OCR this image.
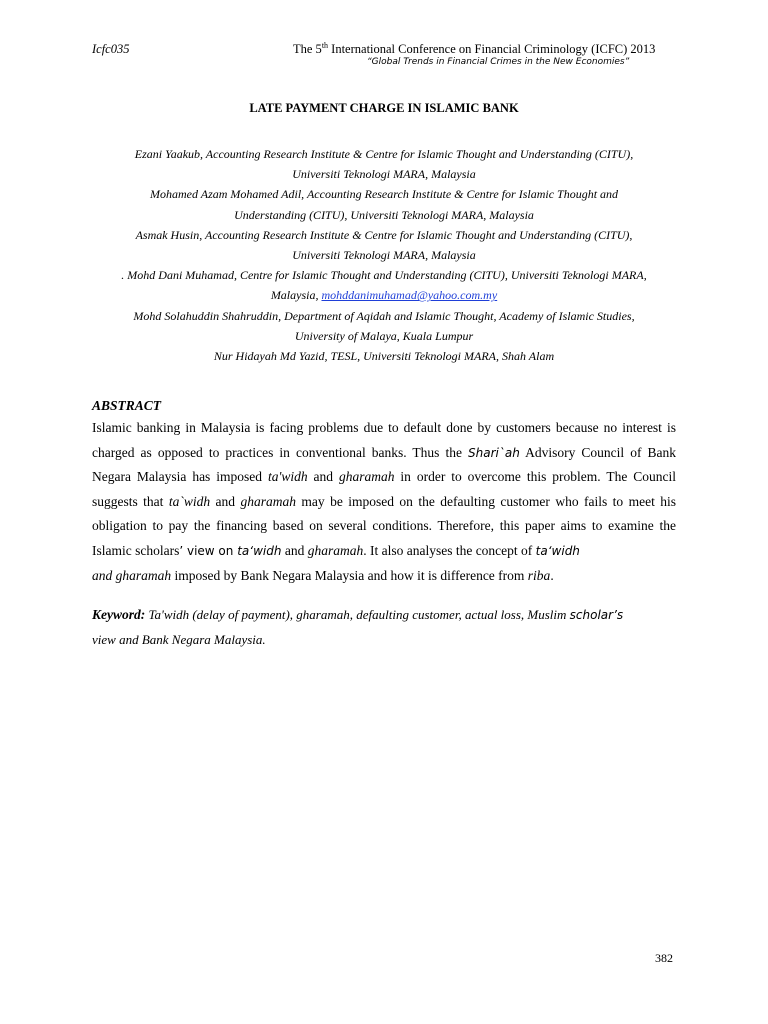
Icfc035	The 5th International Conference on Financial Criminology (ICFC) 2013
“Global Trends in Financial Crimes in the New Economies”
LATE PAYMENT CHARGE IN ISLAMIC BANK
Ezani Yaakub, Accounting Research Institute & Centre for Islamic Thought and Understanding (CITU),
Universiti Teknologi MARA, Malaysia
Mohamed Azam Mohamed Adil, Accounting Research Institute & Centre for Islamic Thought and
Understanding (CITU), Universiti Teknologi MARA, Malaysia
Asmak Husin, Accounting Research Institute & Centre for Islamic Thought and Understanding (CITU),
Universiti Teknologi MARA, Malaysia
. Mohd Dani Muhamad, Centre for Islamic Thought and Understanding (CITU), Universiti Teknologi MARA,
Malaysia, mohddanimuhamad@yahoo.com.my
Mohd Solahuddin Shahruddin, Department of Aqidah and Islamic Thought, Academy of Islamic Studies,
University of Malaya, Kuala Lumpur
Nur Hidayah Md Yazid, TESL, Universiti Teknologi MARA, Shah Alam
ABSTRACT
Islamic banking in Malaysia is facing problems due to default done by customers because no interest is charged as opposed to practices in conventional banks. Thus the Shari`ah Advisory Council of Bank Negara Malaysia has imposed ta'widh and gharamah in order to overcome this problem. The Council suggests that ta`widh and gharamah may be imposed on the defaulting customer who fails to meet his obligation to pay the financing based on several conditions. Therefore, this paper aims to examine the Islamic scholars’ view on ta‘widh and gharamah. It also analyses the concept of ta‘widh
and gharamah imposed by Bank Negara Malaysia and how it is difference from riba.
Keyword: Ta'widh (delay of payment), gharamah, defaulting customer, actual loss, Muslim scholar’s
view and Bank Negara Malaysia.
382
